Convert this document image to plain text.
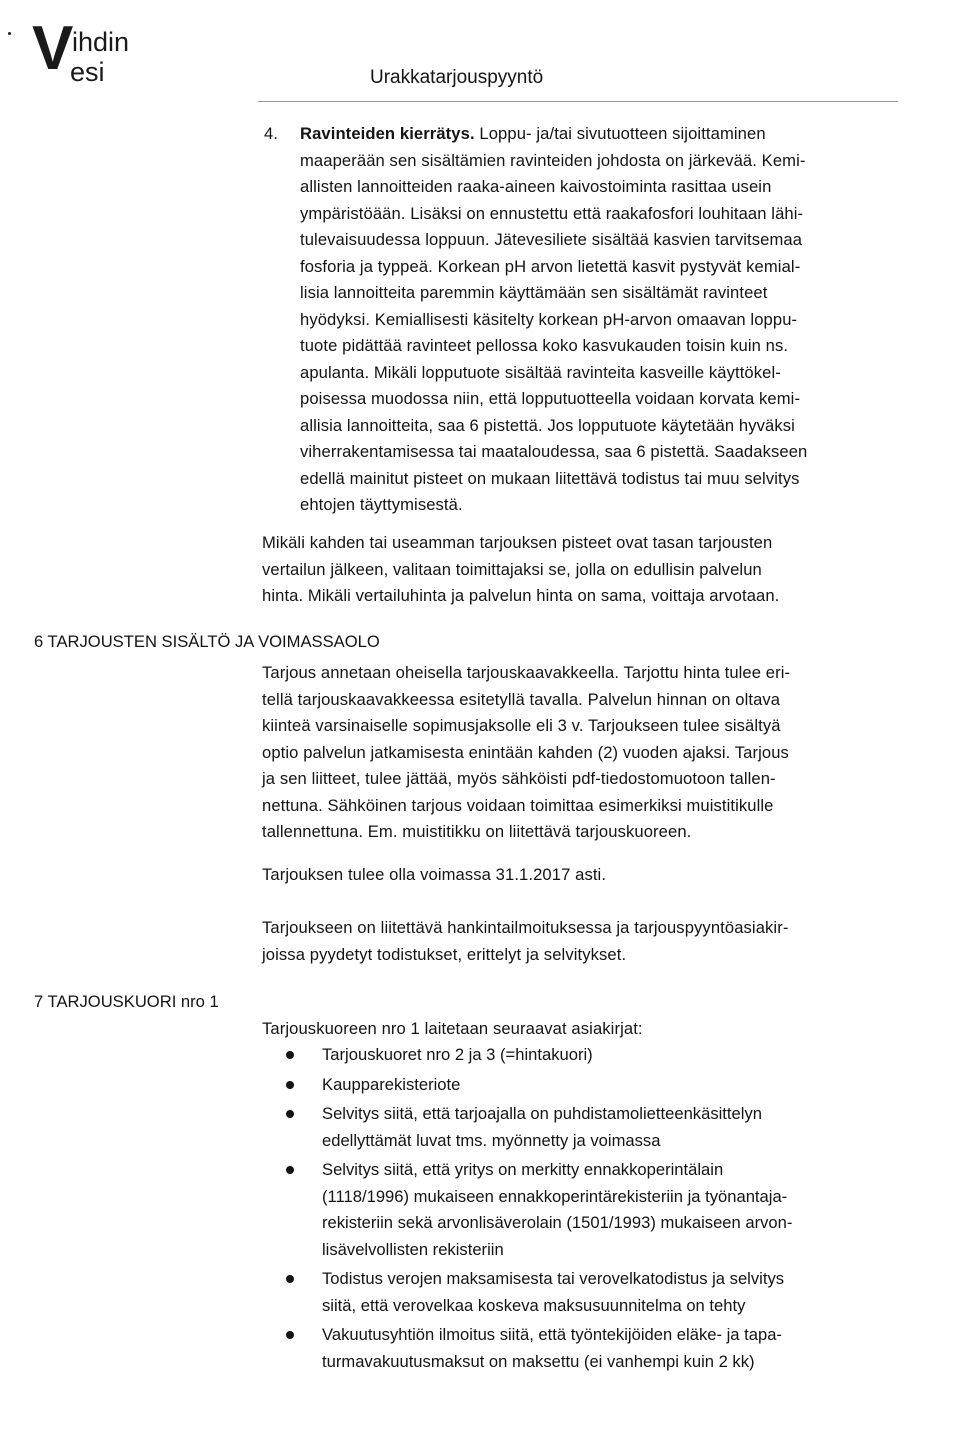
V
ihdin
esi	Urakkatarjouspyyntö
4. Ravinteiden kierrätys. Loppu- ja/tai sivutuotteen sijoittaminen
maaperään sen sisältämien ravinteiden johdosta on järkevää. Kemi-
allisten lannoitteiden raaka-aineen kaivostoiminta rasittaa usein
ympäristöään. Lisäksi on ennustettu että raakafosfori louhitaan lähi-
tulevaisuudessa loppuun. Jätevesiliete sisältää kasvien tarvitsemaa
fosforia ja typpeä. Korkean pH arvon lietettä kasvit pystyvät kemial-
lisia lannoitteita paremmin käyttämään sen sisältämät ravinteet
hyödyksi. Kemiallisesti käsitelty korkean pH-arvon omaavan loppu-
tuote pidättää ravinteet pellossa koko kasvukauden toisin kuin ns.
apulanta. Mikäli lopputuote sisältää ravinteita kasveille käyttökel-
poisessa muodossa niin, että lopputuotteella voidaan korvata kemi-
allisia lannoitteita, saa 6 pistettä. Jos lopputuote käytetään hyväksi
viherrakentamisessa tai maataloudessa, saa 6 pistettä. Saadakseen
edellä mainitut pisteet on mukaan liitettävä todistus tai muu selvitys
ehtojen täyttymisestä.
Mikäli kahden tai useamman tarjouksen pisteet ovat tasan tarjousten
vertailun jälkeen, valitaan toimittajaksi se, jolla on edullisin palvelun
hinta. Mikäli vertailuhinta ja palvelun hinta on sama, voittaja arvotaan.
6 TARJOUSTEN SISÄLTÖ JA VOIMASSAOLO
Tarjous annetaan oheisella tarjouskaavakkeella. Tarjottu hinta tulee eri-
tellä tarjouskaavakkeessa esitetyllä tavalla. Palvelun hinnan on oltava
kiinteä varsinaiselle sopimusjaksolle eli 3 v. Tarjoukseen tulee sisältyä
optio palvelun jatkamisesta enintään kahden (2) vuoden ajaksi. Tarjous
ja sen liitteet, tulee jättää, myös sähköisti pdf-tiedostomuotoon tallen-
nettuna. Sähköinen tarjous voidaan toimittaa esimerkiksi muistitikulle
tallennettuna. Em. muistitikku on liitettävä tarjouskuoreen.
Tarjouksen tulee olla voimassa 31.1.2017 asti.
Tarjoukseen on liitettävä hankintailmoituksessa ja tarjouspyyntöasiakir-
joissa pyydetyt todistukset, erittelyt ja selvitykset.
7 TARJOUSKUORI nro 1
Tarjouskuoreen nro 1 laitetaan seuraavat asiakirjat:
Tarjouskuoret nro 2 ja 3 (=hintakuori)
Kaupparekisteriote
Selvitys siitä, että tarjoajalla on puhdistamolietteenkäsittelyn
edellyttämät luvat tms. myönnetty ja voimassa
Selvitys siitä, että yritys on merkitty ennakkoperintälain
(1118/1996) mukaiseen ennakkoperintärekisteriin ja työnantaja-
rekisteriin sekä arvonlisäverolain (1501/1993) mukaiseen arvon-
lisävelvollisten rekisteriin
Todistus verojen maksamisesta tai verovelkatodistus ja selvitys
siitä, että verovelkaa koskeva maksusuunnitelma on tehty
Vakuutusyhtiön ilmoitus siitä, että työntekijöiden eläke- ja tapa-
turmavakuutusmaksut on maksettu (ei vanhempi kuin 2 kk)
